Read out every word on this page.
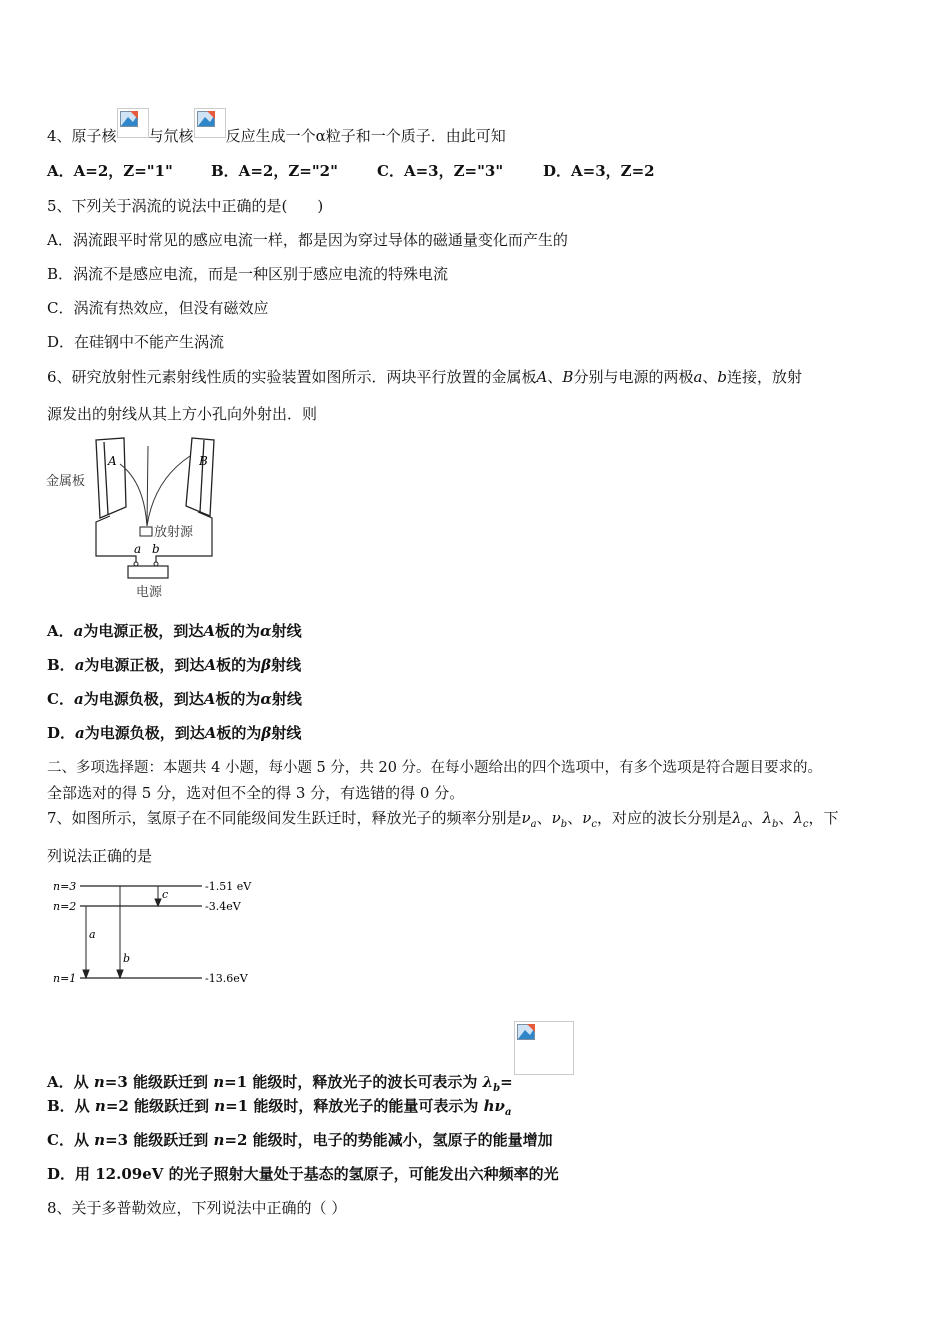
4、原子核 与氘核 反应生成一个α粒子和一个质子．由此可知
A．A=2，Z="1"	B．A=2，Z="2"	C．A=3，Z="3"	D．A=3，Z=2
5、下列关于涡流的说法中正确的是(　　)
A．涡流跟平时常见的感应电流一样，都是因为穿过导体的磁通量变化而产生的
B．涡流不是感应电流，而是一种区别于感应电流的特殊电流
C．涡流有热效应，但没有磁效应
D．在硅钢中不能产生涡流
6、研究放射性元素射线性质的实验装置如图所示．两块平行放置的金属板A、B分别与电源的两极a、b连接，放射
源发出的射线从其上方小孔向外射出．则
A	B
金属板
放射源
a b
电源
A．a为电源正极，到达A板的为α射线
B．a为电源正极，到达A板的为β射线
C．a为电源负极，到达A板的为α射线
D．a为电源负极，到达A板的为β射线
二、多项选择题：本题共 4 小题，每小题 5 分，共 20 分。在每小题给出的四个选项中，有多个选项是符合题目要求的。
全部选对的得 5 分，选对但不全的得 3 分，有选错的得 0 分。
7、如图所示，氢原子在不同能级间发生跃迁时，释放光子的频率分别是$\nu_a$、$\nu_b$、$\nu_c$，对应的波长分别是$\lambda_a$、$\lambda_b$、$\lambda_c$，下
列说法正确的是
n=3
n=2
n=1
-1.51 eV
-3.4eV
-13.6eV
a
b
c
A．从 n=3 能级跃迁到 n=1 能级时，释放光子的波长可表示为 $\lambda_b=$
B．从 n=2 能级跃迁到 n=1 能级时，释放光子的能量可表示为 $h\nu_a$
C．从 n=3 能级跃迁到 n=2 能级时，电子的势能减小，氢原子的能量增加
D．用 12.09eV 的光子照射大量处于基态的氢原子，可能发出六种频率的光
8、关于多普勒效应，下列说法中正确的（ ）
